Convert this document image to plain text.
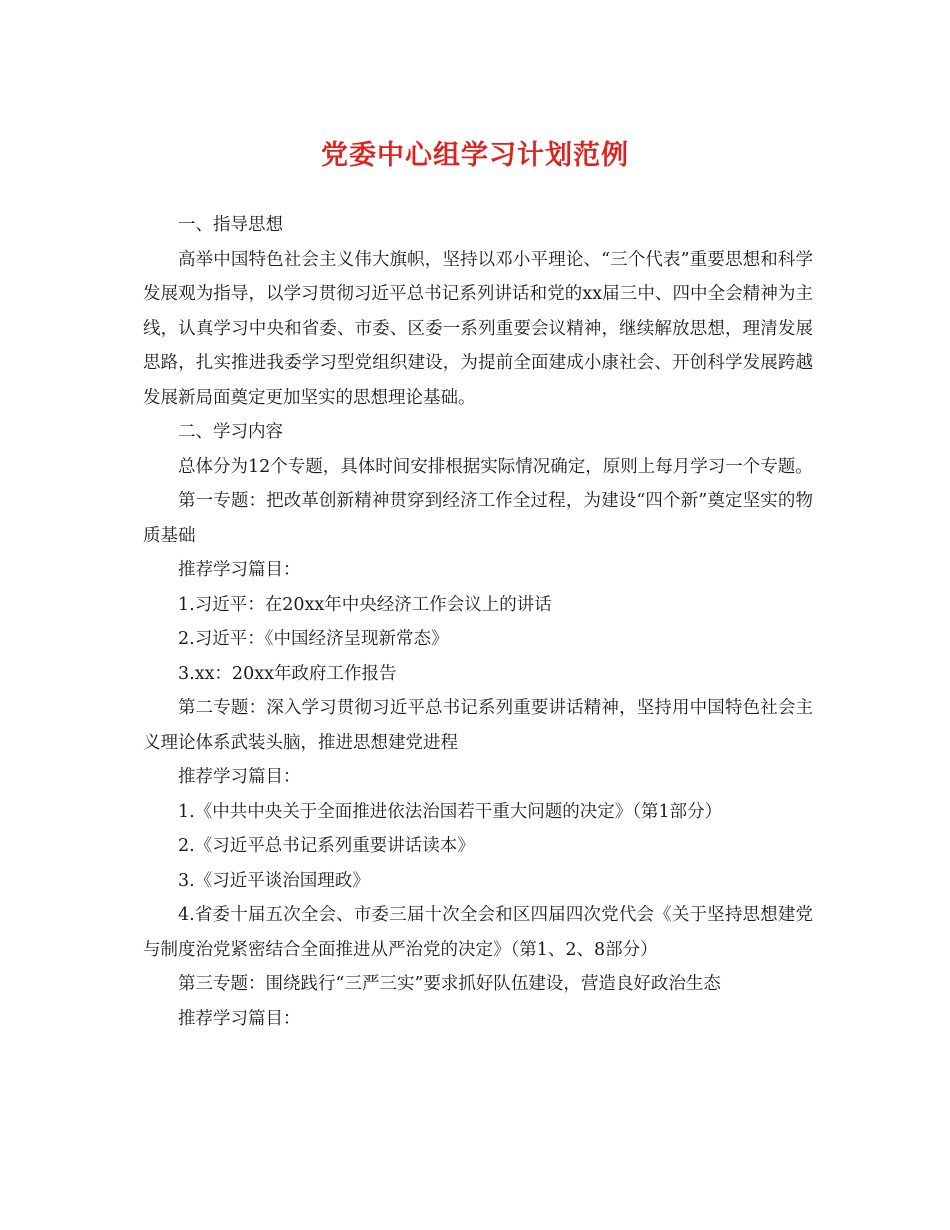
党委中心组学习计划范例

一、指导思想

高举中国特色社会主义伟大旗帜，坚持以邓小平理论、“三个代表”重要思想和科学发展观为指导，以学习贯彻习近平总书记系列讲话和党的xx届三中、四中全会精神为主线，认真学习中央和省委、市委、区委一系列重要会议精神，继续解放思想，理清发展思路，扎实推进我委学习型党组织建设，为提前全面建成小康社会、开创科学发展跨越发展新局面奠定更加坚实的思想理论基础。

二、学习内容

总体分为12个专题，具体时间安排根据实际情况确定，原则上每月学习一个专题。

第一专题：把改革创新精神贯穿到经济工作全过程，为建设“四个新”奠定坚实的物质基础

推荐学习篇目：

1.习近平：在20xx年中央经济工作会议上的讲话

2.习近平：《中国经济呈现新常态》

3.xx：20xx年政府工作报告

第二专题：深入学习贯彻习近平总书记系列重要讲话精神，坚持用中国特色社会主义理论体系武装头脑，推进思想建党进程

推荐学习篇目：

1.《中共中央关于全面推进依法治国若干重大问题的决定》（第1部分）

2.《习近平总书记系列重要讲话读本》

3.《习近平谈治国理政》

4.省委十届五次全会、市委三届十次全会和区四届四次党代会《关于坚持思想建党与制度治党紧密结合全面推进从严治党的决定》（第1、2、8部分）

第三专题：围绕践行“三严三实”要求抓好队伍建设，营造良好政治生态

推荐学习篇目：
